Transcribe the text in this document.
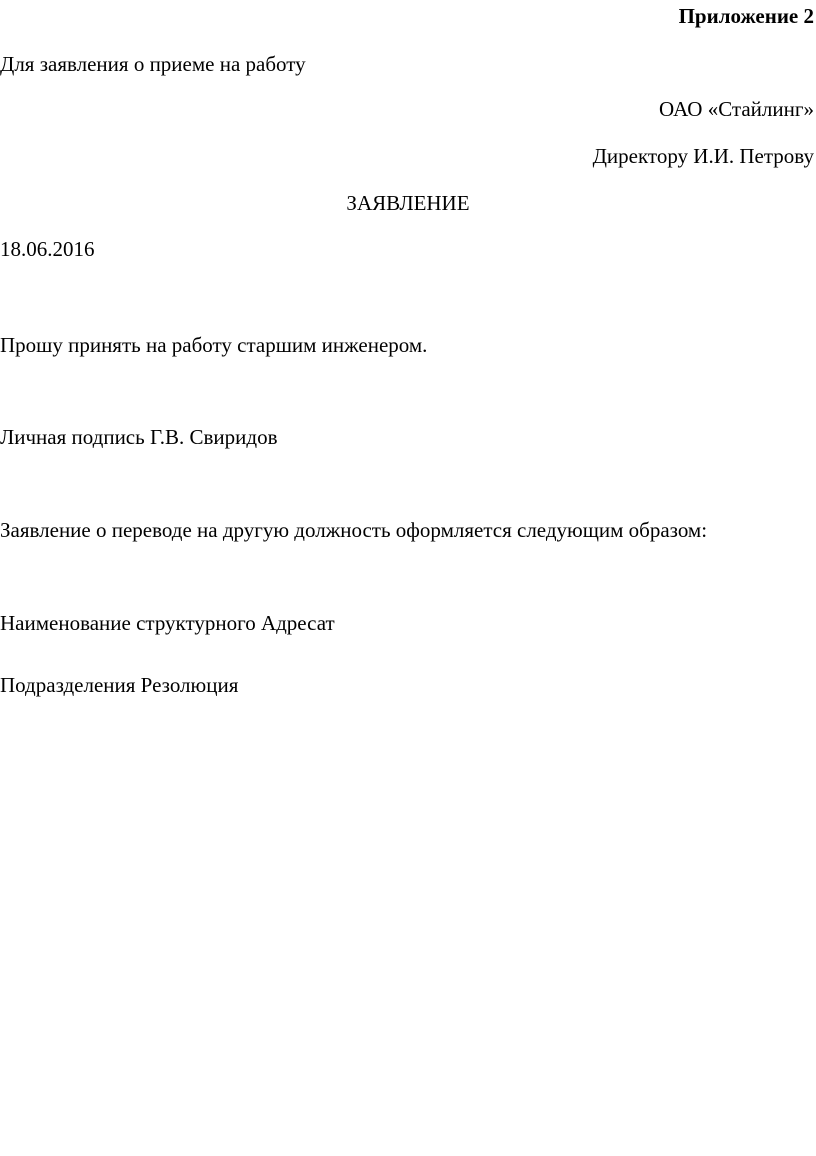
Приложение 2

Для заявления о приеме на работу

ОАО «Стайлинг»

Директору И.И. Петрову

ЗАЯВЛЕНИЕ

18.06.2016

Прошу принять на работу старшим инженером.

Личная подпись Г.В. Свиридов

Заявление о переводе на другую должность оформляется следующим образом:

Наименование структурного Адресат

Подразделения Резолюция
